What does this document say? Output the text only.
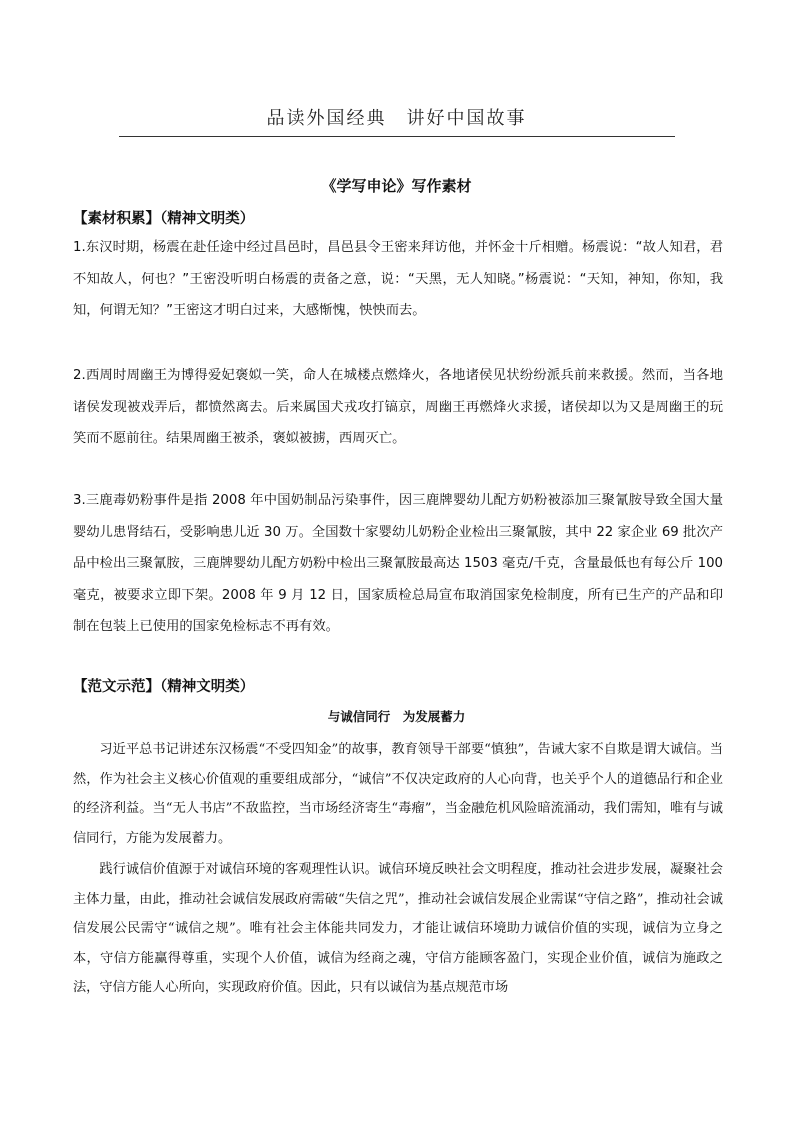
品读外国经典　讲好中国故事
《学写申论》写作素材
【素材积累】（精神文明类）
1.东汉时期，杨震在赴任途中经过昌邑时，昌邑县令王密来拜访他，并怀金十斤相赠。杨震说：“故人知君，君不知故人，何也？”王密没听明白杨震的责备之意，说：“天黑，无人知晓。”杨震说：“天知，神知，你知，我知，何谓无知？”王密这才明白过来，大感惭愧，怏怏而去。
2.西周时周幽王为博得爱妃褒姒一笑，命人在城楼点燃烽火，各地诸侯见状纷纷派兵前来救援。然而，当各地诸侯发现被戏弄后，都愤然离去。后来属国犬戎攻打镐京，周幽王再燃烽火求援，诸侯却以为又是周幽王的玩笑而不愿前往。结果周幽王被杀，褒姒被掳，西周灭亡。
3.三鹿毒奶粉事件是指 2008 年中国奶制品污染事件，因三鹿牌婴幼儿配方奶粉被添加三聚氰胺导致全国大量婴幼儿患肾结石，受影响患儿近 30 万。全国数十家婴幼儿奶粉企业检出三聚氰胺，其中 22 家企业 69 批次产品中检出三聚氰胺，三鹿牌婴幼儿配方奶粉中检出三聚氰胺最高达 1503 毫克/千克，含量最低也有每公斤 100 毫克，被要求立即下架。2008 年 9 月 12 日，国家质检总局宣布取消国家免检制度，所有已生产的产品和印制在包装上已使用的国家免检标志不再有效。
【范文示范】（精神文明类）
与诚信同行　为发展蓄力
习近平总书记讲述东汉杨震“不受四知金”的故事，教育领导干部要“慎独”，告诫大家不自欺是谓大诚信。当然，作为社会主义核心价值观的重要组成部分，“诚信”不仅决定政府的人心向背，也关乎个人的道德品行和企业的经济利益。当“无人书店”不敌监控，当市场经济寄生“毒瘤”，当金融危机风险暗流涌动，我们需知，唯有与诚信同行，方能为发展蓄力。
践行诚信价值源于对诚信环境的客观理性认识。诚信环境反映社会文明程度，推动社会进步发展，凝聚社会主体力量，由此，推动社会诚信发展政府需破“失信之咒”，推动社会诚信发展企业需谋“守信之路”，推动社会诚信发展公民需守“诚信之规”。唯有社会主体能共同发力，才能让诚信环境助力诚信价值的实现，诚信为立身之本，守信方能赢得尊重，实现个人价值，诚信为经商之魂，守信方能顾客盈门，实现企业价值，诚信为施政之法，守信方能人心所向，实现政府价值。因此，只有以诚信为基点规范市场
